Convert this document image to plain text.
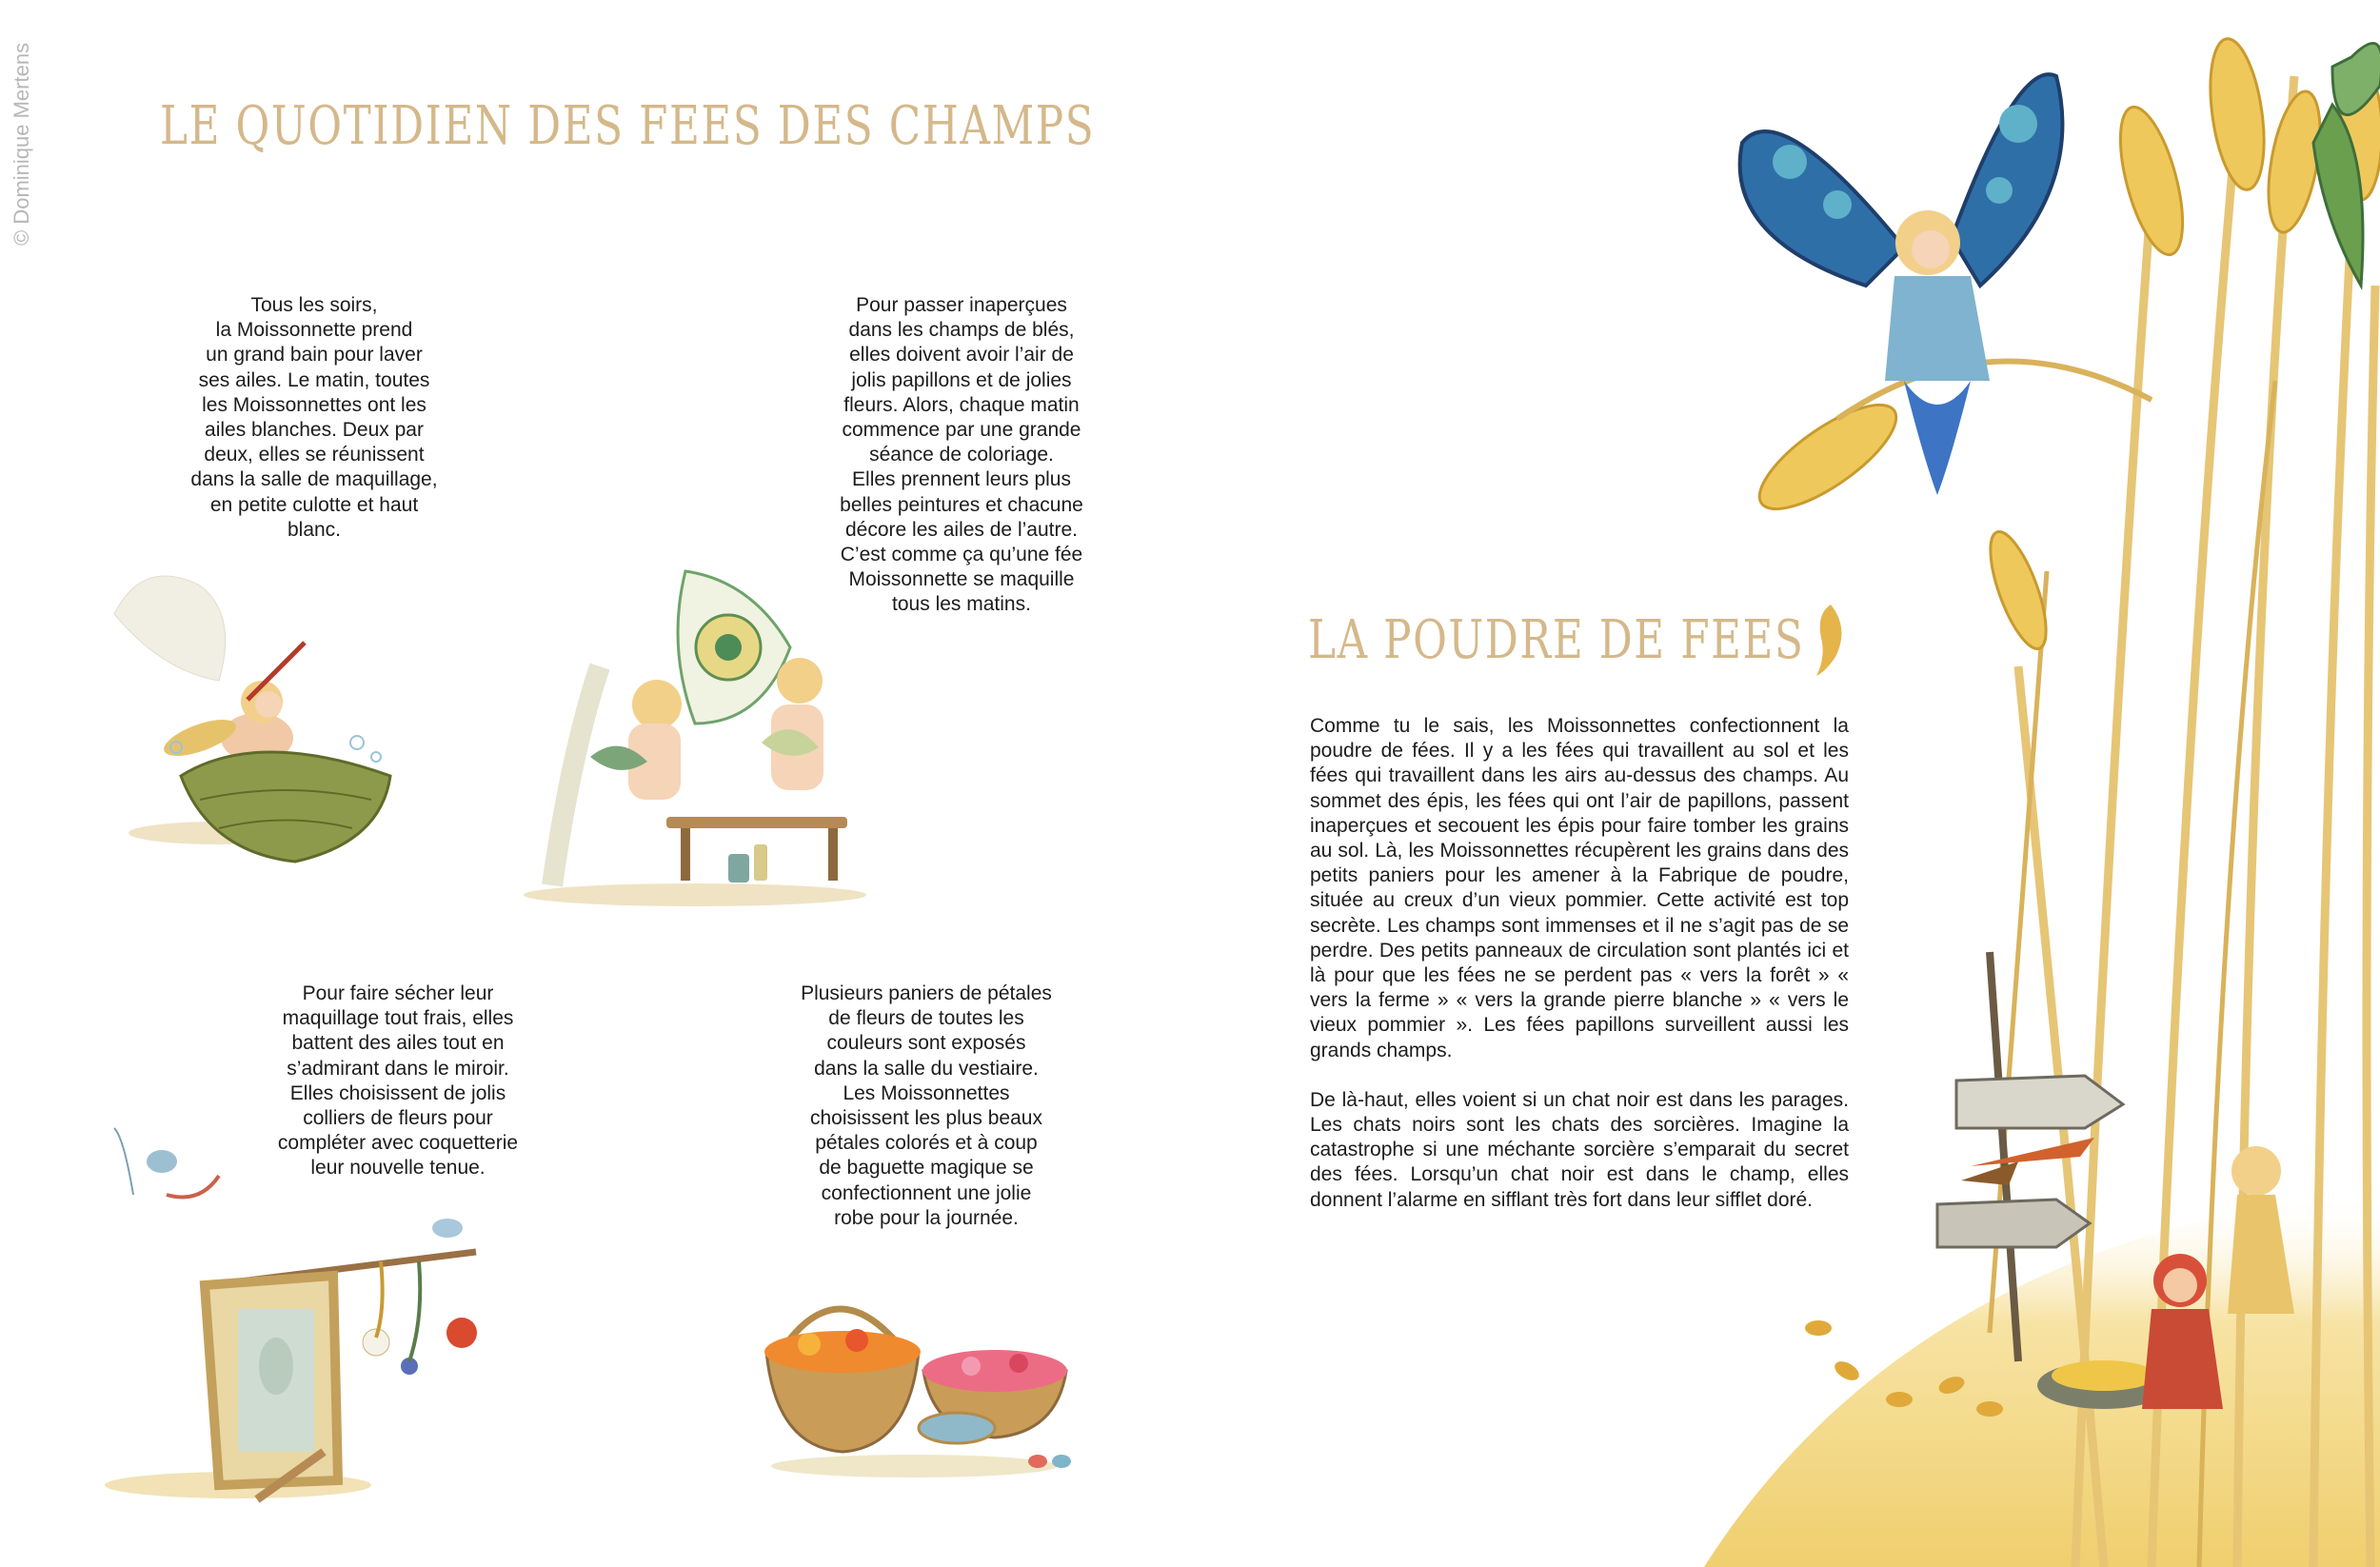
© Dominique Mertens LE QUOTIDIEN DES FEES DES CHAMPS
Tous les soirs,
la Moissonnette prend
un grand bain pour laver
ses ailes. Le matin, toutes
les Moissonnettes ont les
ailes blanches. Deux par
deux, elles se réunissent
dans la salle de maquillage,
en petite culotte et haut
blanc.
Pour passer inaperçues
dans les champs de blés,
elles doivent avoir l’air de
jolis papillons et de jolies
fleurs. Alors, chaque matin
commence par une grande
séance de coloriage.
Elles prennent leurs plus
belles peintures et chacune
décore les ailes de l’autre.
C’est comme ça qu’une fée
Moissonnette se maquille
tous les matins.
Pour faire sécher leur
maquillage tout frais, elles
battent des ailes tout en
s’admirant dans le miroir.
Elles choisissent de jolis
colliers de fleurs pour
compléter avec coquetterie
leur nouvelle tenue.
Plusieurs paniers de pétales
de fleurs de toutes les
couleurs sont exposés
dans la salle du vestiaire.
Les Moissonnettes
choisissent les plus beaux
pétales colorés et à coup
de baguette magique se
confectionnent une jolie
robe pour la journée.
LA POUDRE DE FEES

Comme tu le sais, les Moissonnettes confectionnent la poudre de fées. Il y a les fées qui travaillent au sol et les fées qui travaillent dans les airs au-dessus des champs. Au sommet des épis, les fées qui ont l’air de papillons, passent inaperçues et secouent les épis pour faire tomber les grains au sol. Là, les Moissonnettes récupèrent les grains dans des petits paniers pour les amener à la Fabrique de poudre, située au creux d’un vieux pommier. Cette activité est top secrète. Les champs sont immenses et il ne s’agit pas de se perdre. Des petits panneaux de circulation sont plantés ici et là pour que les fées ne se perdent pas « vers la forêt » « vers la ferme » « vers la grande pierre blanche » « vers le vieux pommier ». Les fées papillons surveillent aussi les grands champs.

De là-haut, elles voient si un chat noir est dans les parages. Les chats noirs sont les chats des sorcières. Imagine la catastrophe si une méchante sorcière s’emparait du secret des fées. Lorsqu’un chat noir est dans le champ, elles donnent l’alarme en sifflant très fort dans leur sifflet doré.
